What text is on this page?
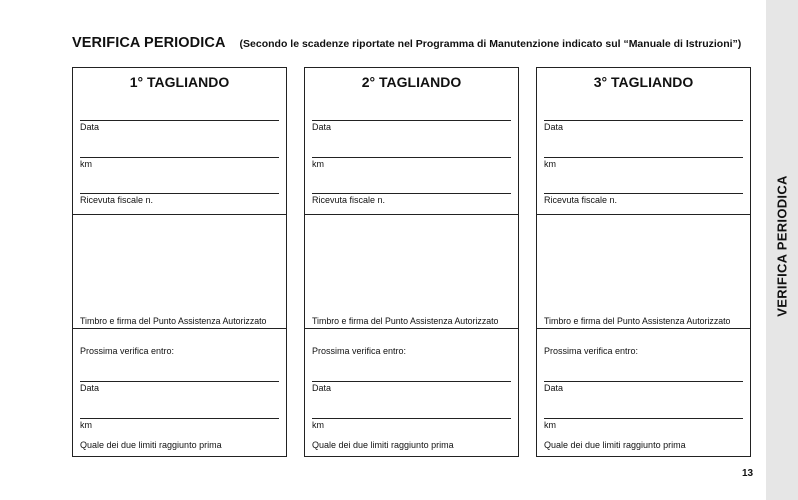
VERIFICA PERIODICA (Secondo le scadenze riportate nel Programma di Manutenzione indicato sul “Manuale di Istruzioni”)
VERIFICA PERIODICA
1° TAGLIANDO
Data
km
Ricevuta fiscale n.
Timbro e firma del Punto Assistenza Autorizzato
Prossima verifica entro:
Data
km
Quale dei due limiti raggiunto prima
2° TAGLIANDO
Data
km
Ricevuta fiscale n.
Timbro e firma del Punto Assistenza Autorizzato
Prossima verifica entro:
Data
km
Quale dei due limiti raggiunto prima
3° TAGLIANDO
Data
km
Ricevuta fiscale n.
Timbro e firma del Punto Assistenza Autorizzato
Prossima verifica entro:
Data
km
Quale dei due limiti raggiunto prima
13
